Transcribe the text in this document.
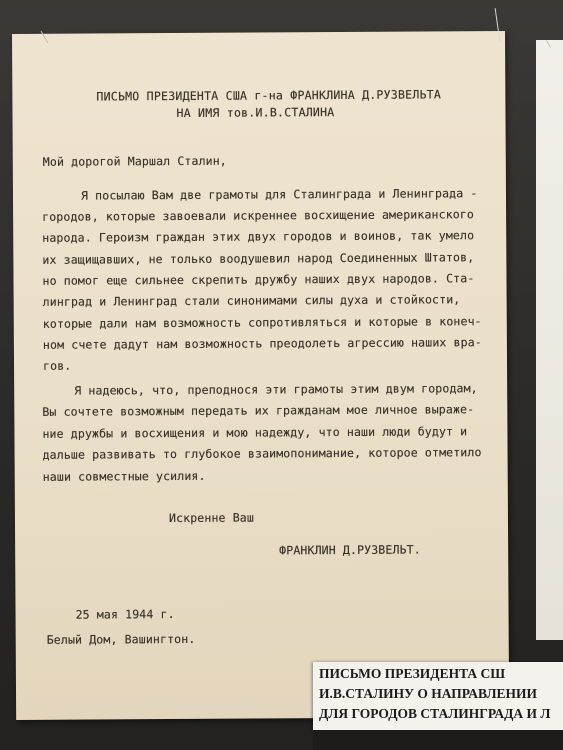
ПИСЬМО ПРЕЗИДЕНТА США г-на ФРАНКЛИНА Д.РУЗВЕЛЬТА
НА ИМЯ тов.И.В.СТАЛИНА
Мой дорогой Маршал Сталин,
Я посылаю Вам две грамоты для Сталинграда и Ленинграда -
городов, которые завоевали искреннее восхищение американского
народа. Героизм граждан этих двух городов и воинов, так умело
их защищавших, не только воодушевил народ Соединенных Штатов,
но помог еще сильнее скрепить дружбу наших двух народов. Ста-
линград и Ленинград стали синонимами силы духа и стойкости,
которые дали нам возможность сопротивляться и которые в конеч-
ном счете дадут нам возможность преодолеть агрессию наших вра-
гов.
Я надеюсь, что, преподнося эти грамоты этим двум городам,
Вы сочтете возможным передать их гражданам мое личное выраже-
ние дружбы и восхищения и мою надежду, что наши люди будут и
дальше развивать то глубокое взаимопонимание, которое отметило
наши совместные усилия.
Искренне Ваш
ФРАНКЛИН Д.РУЗВЕЛЬТ.
25 мая 1944 г.
Белый Дом, Вашингтон.
ПИСЬМО ПРЕЗИДЕНТА СШ
И.В.СТАЛИНУ О НАПРАВЛЕНИИ
ДЛЯ ГОРОДОВ СТАЛИНГРАДА И Л
